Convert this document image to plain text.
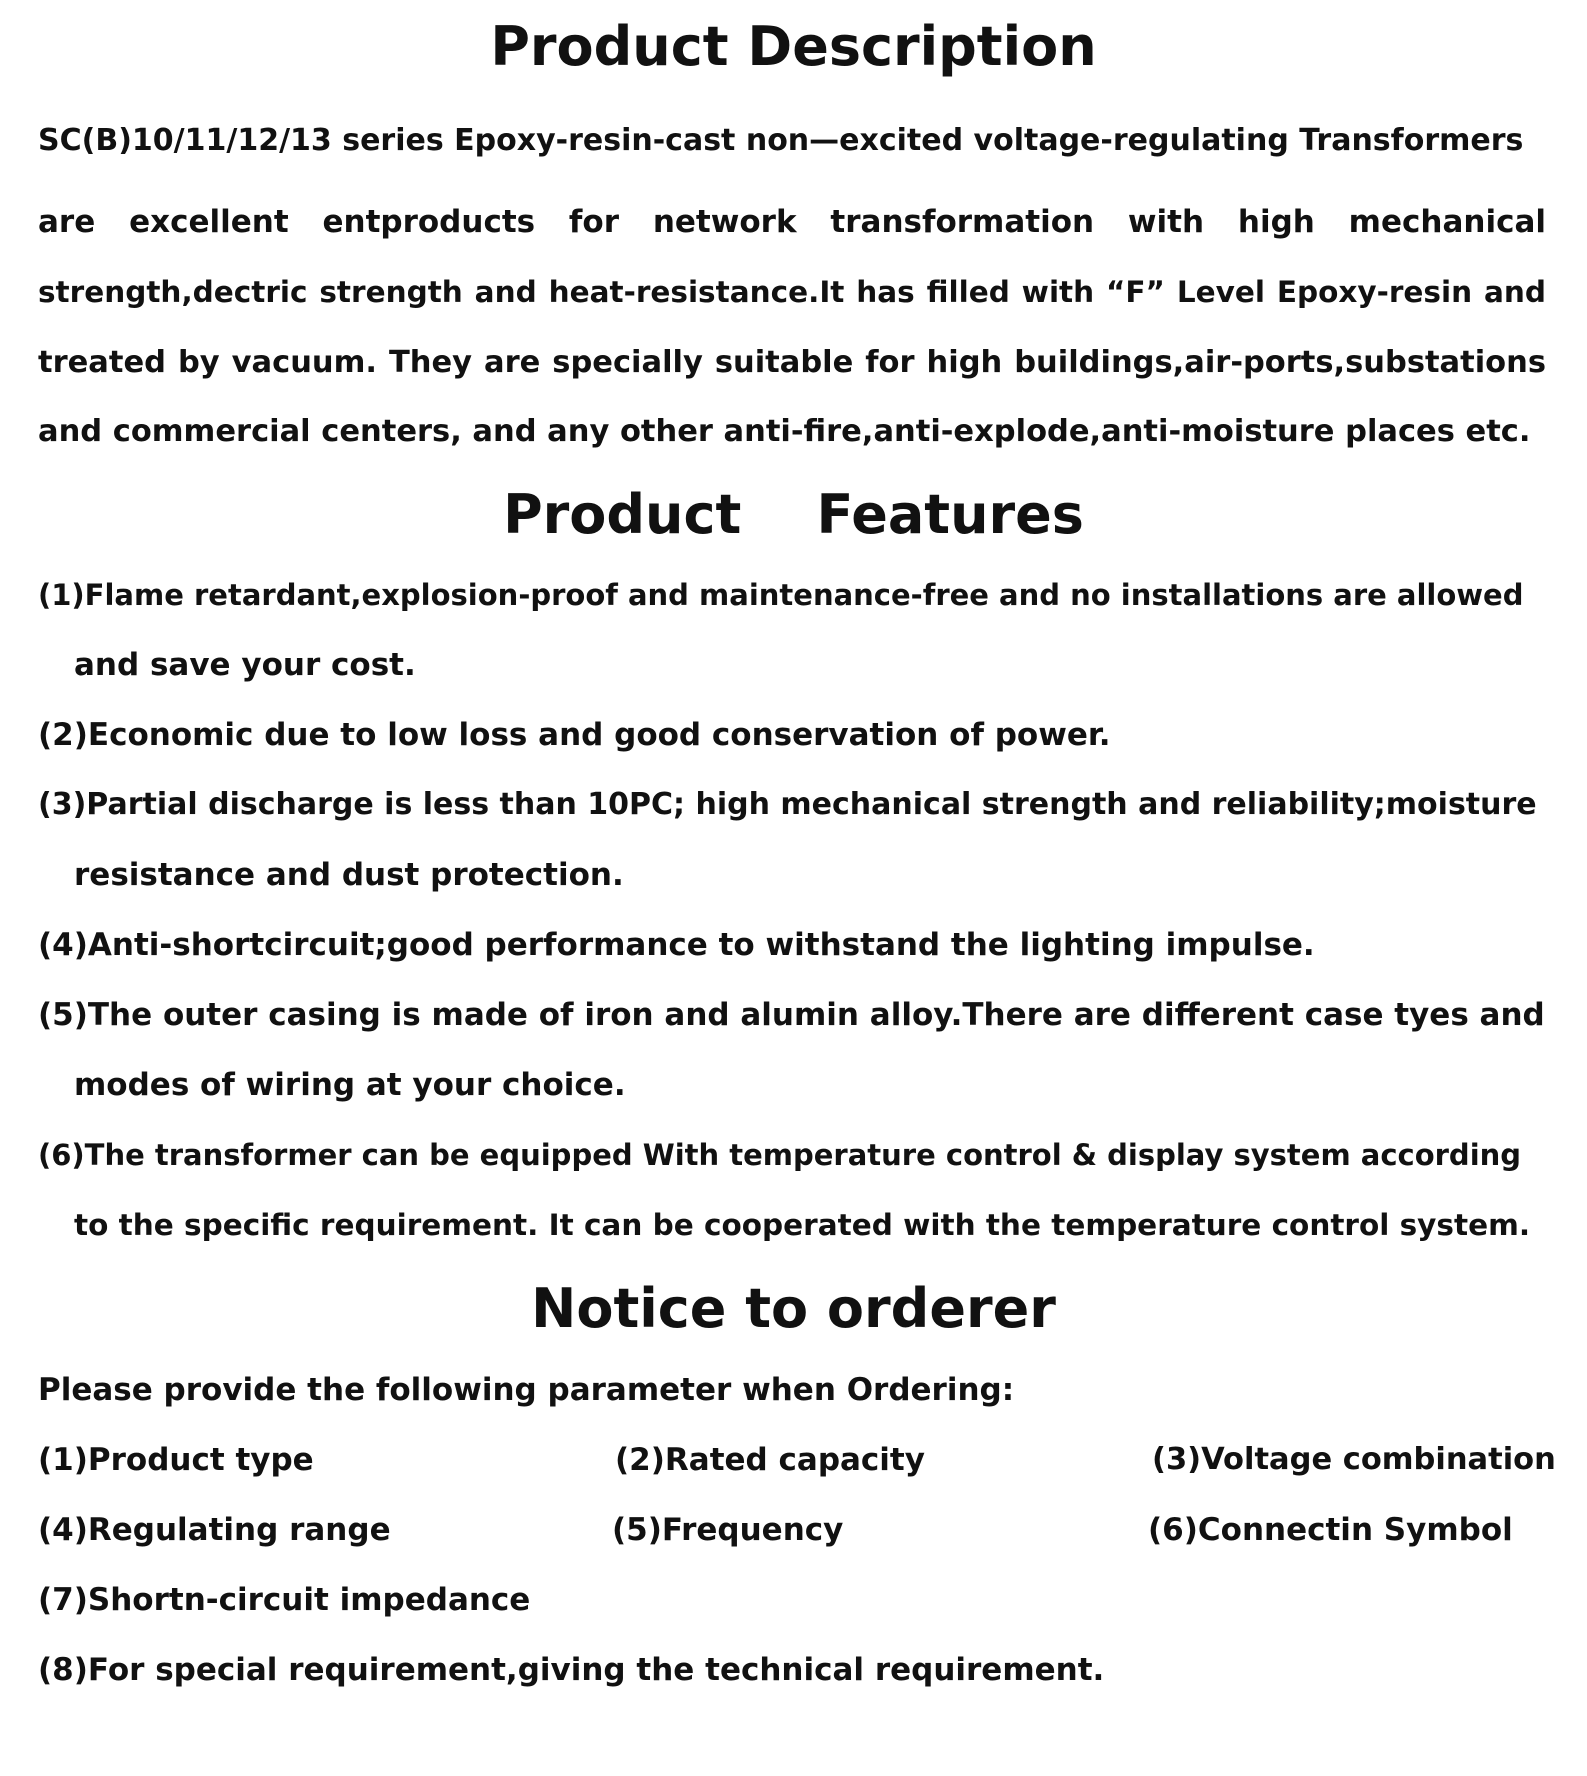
Product Description

SC(B)10/11/12/13 series Epoxy-resin-cast non—excited voltage-regulating Transformers

are excellent entproducts for network transformation with high mechanical

strength,dectric strength and heat-resistance.It has filled with “F” Level Epoxy-resin and

treated by vacuum. They are specially suitable for high buildings,air-ports,substations

and commercial centers, and any other anti-fire,anti-explode,anti-moisture places etc.

Product    Features

(1)Flame retardant,explosion-proof and maintenance-free and no installations are allowed

and save your cost.

(2)Economic due to low loss and good conservation of power.

(3)Partial discharge is less than 10PC; high mechanical strength and reliability;moisture

resistance and dust protection.

(4)Anti-shortcircuit;good performance to withstand the lighting impulse.

(5)The outer casing is made of iron and alumin alloy.There are different case tyes and

modes of wiring at your choice.

(6)The transformer can be equipped With temperature control & display system according

to the specific requirement. It can be cooperated with the temperature control system.

Notice to orderer

Please provide the following parameter when Ordering:

(1)Product type	(2)Rated capacity	(3)Voltage combination

(4)Regulating range	(5)Frequency	(6)Connectin Symbol

(7)Shortn-circuit impedance

(8)For special requirement,giving the technical requirement.
